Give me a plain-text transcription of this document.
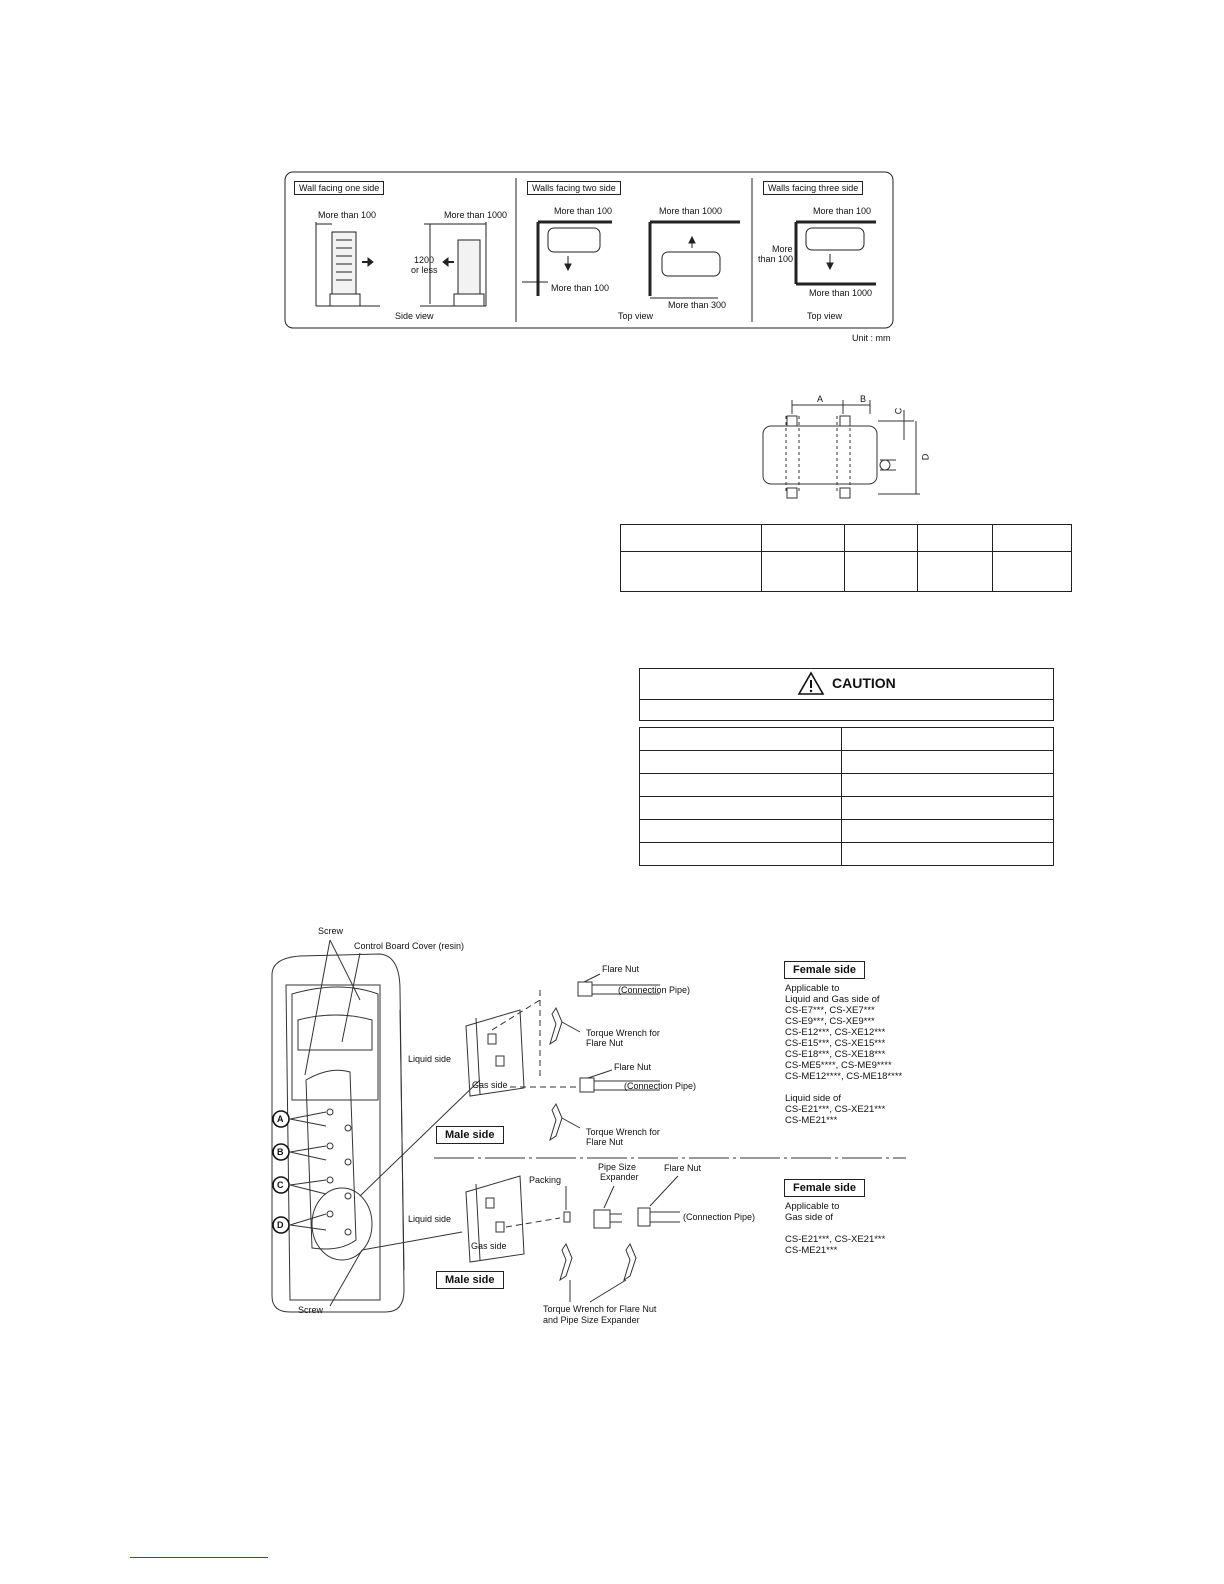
Wall facing one side	Walls facing two side	Walls facing three side
More than 100	More than 1000
1200
or less
Side view
More than 100	More than 1000
More than 100
More than 300
Top view
More than 100
More
than 100
More than 1000
Top view
Unit : mm
A	B
C
D

CAUTION

Screw
Control Board Cover (resin)
Screw
A
B
C
D
Flare Nut
(Connection Pipe)
Torque Wrench for
Flare Nut
Liquid side
Gas side
Flare Nut
(Connection Pipe)
Torque Wrench for
Flare Nut
Male side
Packing
Pipe Size
Expander
Flare Nut
(Connection Pipe)
Liquid side
Gas side
Male side
Torque Wrench for Flare Nut
and Pipe Size Expander
Female side
Applicable to
Liquid and Gas side of
CS-E7***, CS-XE7***
CS-E9***, CS-XE9***
CS-E12***, CS-XE12***
CS-E15***, CS-XE15***
CS-E18***, CS-XE18***
CS-ME5****, CS-ME9****
CS-ME12****, CS-ME18****
Liquid side of
CS-E21***, CS-XE21***
CS-ME21***
Female side
Applicable to
Gas side of
CS-E21***, CS-XE21***
CS-ME21***
